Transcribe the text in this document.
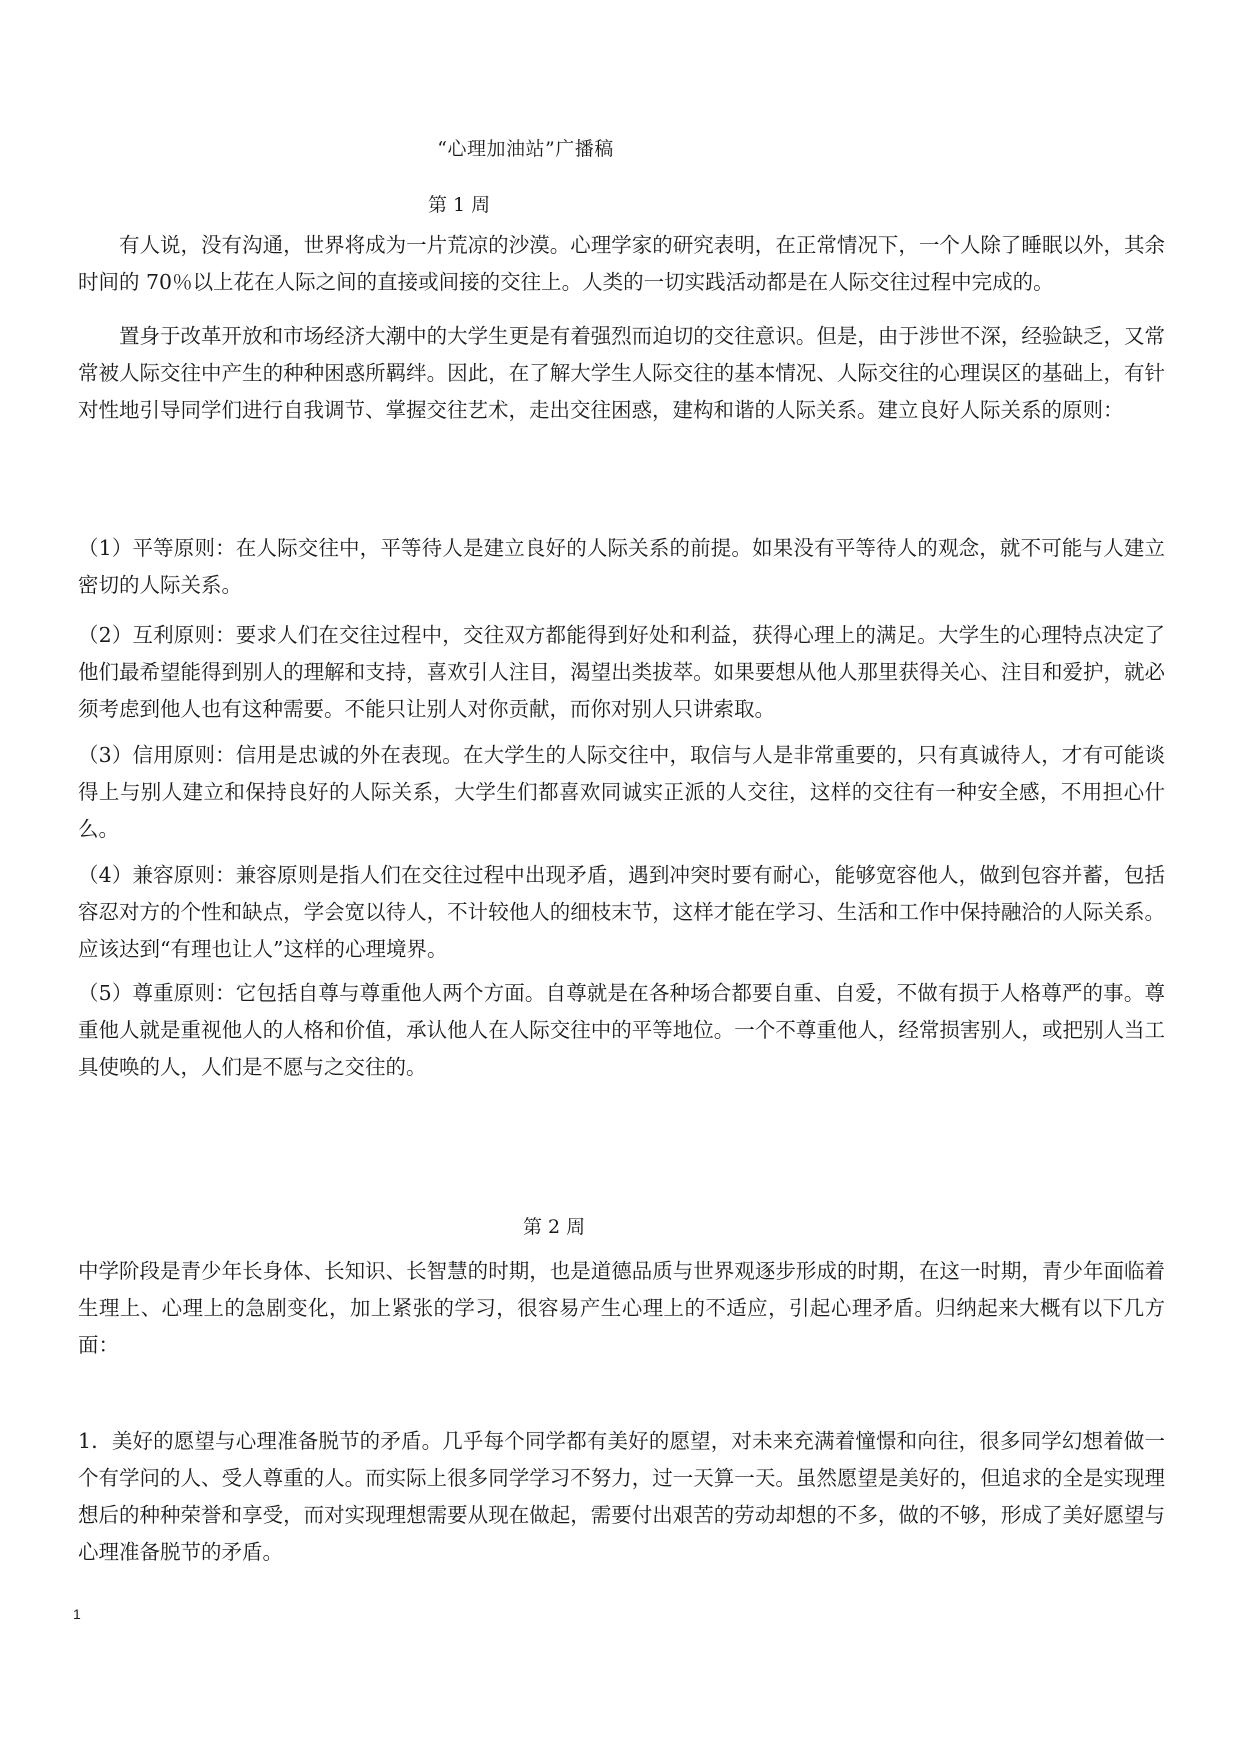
“心理加油站”广播稿
第 1 周

有人说，没有沟通，世界将成为一片荒凉的沙漠。心理学家的研究表明，在正常情况下，一个人除了睡眠以外，其余时间的 70％以上花在人际之间的直接或间接的交往上。人类的一切实践活动都是在人际交往过程中完成的。

置身于改革开放和市场经济大潮中的大学生更是有着强烈而迫切的交往意识。但是，由于涉世不深，经验缺乏，又常常被人际交往中产生的种种困惑所羁绊。因此，在了解大学生人际交往的基本情况、人际交往的心理误区的基础上，有针对性地引导同学们进行自我调节、掌握交往艺术，走出交往困惑，建构和谐的人际关系。建立良好人际关系的原则：

（1）平等原则：在人际交往中，平等待人是建立良好的人际关系的前提。如果没有平等待人的观念，就不可能与人建立密切的人际关系。

（2）互利原则：要求人们在交往过程中，交往双方都能得到好处和利益，获得心理上的满足。大学生的心理特点决定了他们最希望能得到别人的理解和支持，喜欢引人注目，渴望出类拔萃。如果要想从他人那里获得关心、注目和爱护，就必须考虑到他人也有这种需要。不能只让别人对你贡献，而你对别人只讲索取。

（3）信用原则：信用是忠诚的外在表现。在大学生的人际交往中，取信与人是非常重要的，只有真诚待人，才有可能谈得上与别人建立和保持良好的人际关系，大学生们都喜欢同诚实正派的人交往，这样的交往有一种安全感，不用担心什么。

（4）兼容原则：兼容原则是指人们在交往过程中出现矛盾，遇到冲突时要有耐心，能够宽容他人，做到包容并蓄，包括容忍对方的个性和缺点，学会宽以待人，不计较他人的细枝末节，这样才能在学习、生活和工作中保持融洽的人际关系。应该达到“有理也让人”这样的心理境界。

（5）尊重原则：它包括自尊与尊重他人两个方面。自尊就是在各种场合都要自重、自爱，不做有损于人格尊严的事。尊重他人就是重视他人的人格和价值，承认他人在人际交往中的平等地位。一个不尊重他人，经常损害别人，或把别人当工具使唤的人，人们是不愿与之交往的。

第 2 周

中学阶段是青少年长身体、长知识、长智慧的时期，也是道德品质与世界观逐步形成的时期，在这一时期，青少年面临着生理上、心理上的急剧变化，加上紧张的学习，很容易产生心理上的不适应，引起心理矛盾。归纳起来大概有以下几方面：

1．美好的愿望与心理准备脱节的矛盾。几乎每个同学都有美好的愿望，对未来充满着憧憬和向往，很多同学幻想着做一个有学问的人、受人尊重的人。而实际上很多同学学习不努力，过一天算一天。虽然愿望是美好的，但追求的全是实现理想后的种种荣誉和享受，而对实现理想需要从现在做起，需要付出艰苦的劳动却想的不多，做的不够，形成了美好愿望与心理准备脱节的矛盾。

1
